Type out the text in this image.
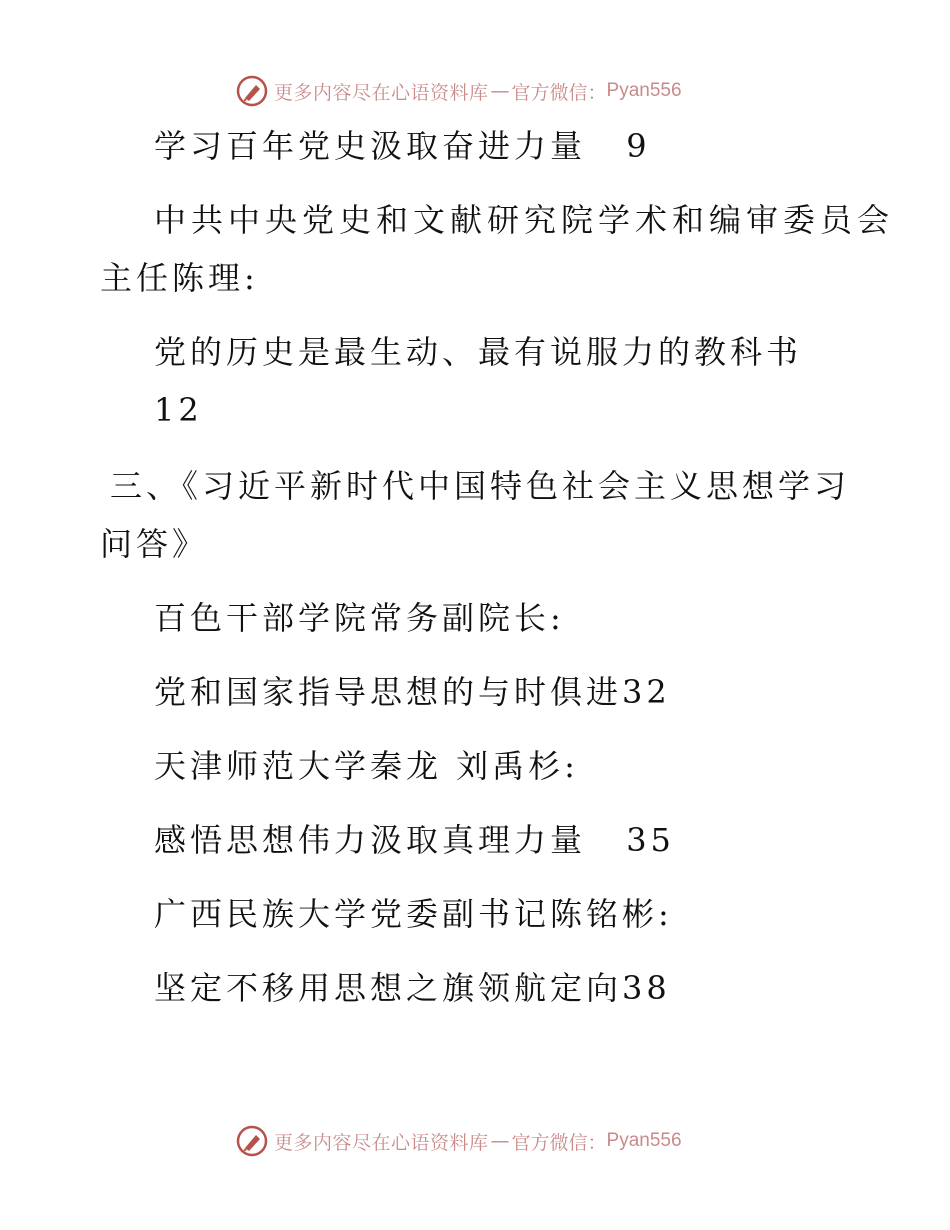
更多内容尽在心语资料库 — 官方微信： Pyan556
学习百年党史汲取奋进力量 9
中共中央党史和文献研究院学术和编审委员会
主任陈理:
党的历史是最生动、最有说服力的教科书
12
三、《习近平新时代中国特色社会主义思想学习
问答》
百色干部学院常务副院长:
党和国家指导思想的与时俱进32
天津师范大学秦龙 刘禹杉:
感悟思想伟力汲取真理力量 35
广西民族大学党委副书记陈铭彬:
坚定不移用思想之旗领航定向38
更多内容尽在心语资料库 — 官方微信： Pyan556
